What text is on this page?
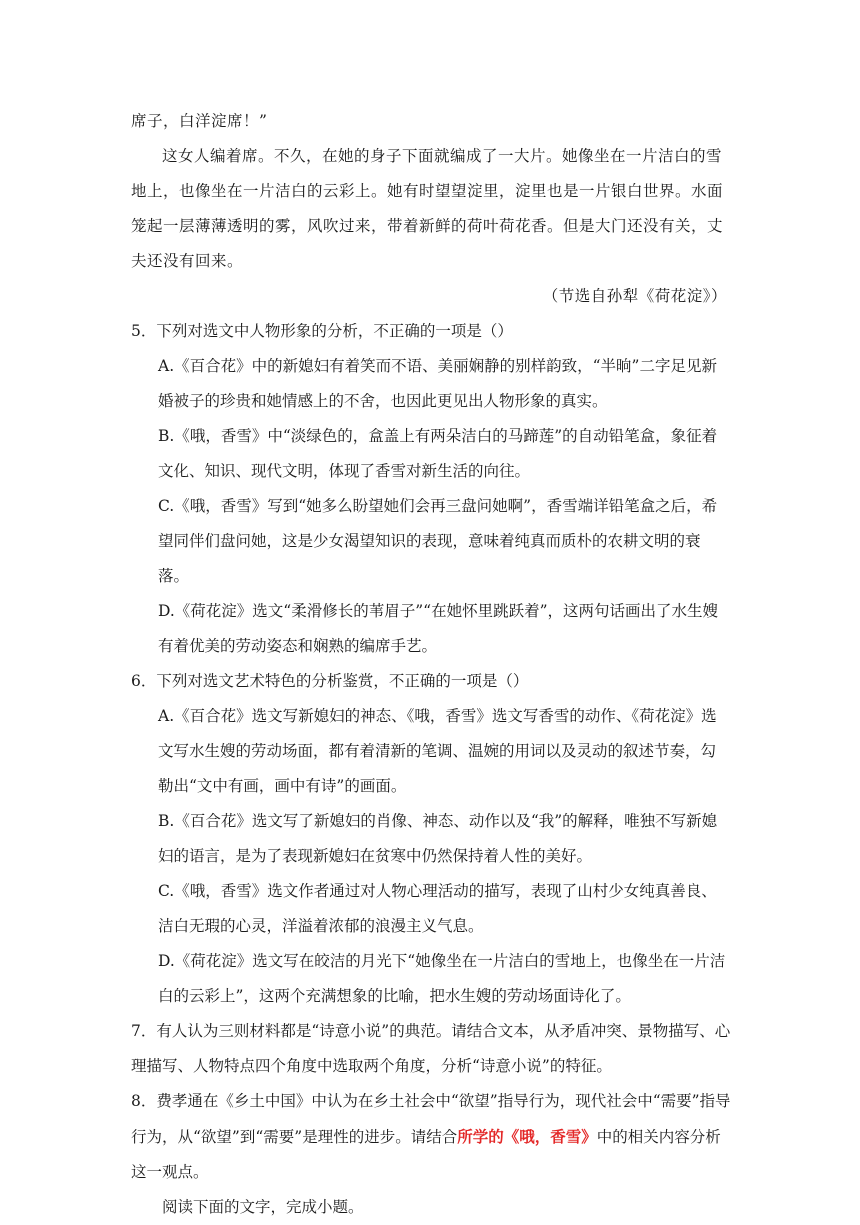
席子，白洋淀席！”

这女人编着席。不久，在她的身子下面就编成了一大片。她像坐在一片洁白的雪地上，也像坐在一片洁白的云彩上。她有时望望淀里，淀里也是一片银白世界。水面笼起一层薄薄透明的雾，风吹过来，带着新鲜的荷叶荷花香。但是大门还没有关，丈夫还没有回来。

（节选自孙犁《荷花淀》）

5．下列对选文中人物形象的分析，不正确的一项是（）

A.《百合花》中的新媳妇有着笑而不语、美丽娴静的别样韵致，“半晌”二字足见新婚被子的珍贵和她情感上的不舍，也因此更见出人物形象的真实。

B.《哦，香雪》中“淡绿色的，盒盖上有两朵洁白的马蹄莲”的自动铅笔盒，象征着文化、知识、现代文明，体现了香雪对新生活的向往。

C.《哦，香雪》写到“她多么盼望她们会再三盘问她啊”，香雪端详铅笔盒之后，希望同伴们盘问她，这是少女渴望知识的表现，意味着纯真而质朴的农耕文明的衰落。

D.《荷花淀》选文“柔滑修长的苇眉子”“在她怀里跳跃着”，这两句话画出了水生嫂有着优美的劳动姿态和娴熟的编席手艺。

6．下列对选文艺术特色的分析鉴赏，不正确的一项是（）

A.《百合花》选文写新媳妇的神态、《哦，香雪》选文写香雪的动作、《荷花淀》选文写水生嫂的劳动场面，都有着清新的笔调、温婉的用词以及灵动的叙述节奏，勾勒出“文中有画，画中有诗”的画面。

B.《百合花》选文写了新媳妇的肖像、神态、动作以及“我”的解释，唯独不写新媳妇的语言，是为了表现新媳妇在贫寒中仍然保持着人性的美好。

C.《哦，香雪》选文作者通过对人物心理活动的描写，表现了山村少女纯真善良、洁白无瑕的心灵，洋溢着浓郁的浪漫主义气息。

D.《荷花淀》选文写在皎洁的月光下“她像坐在一片洁白的雪地上，也像坐在一片洁白的云彩上”，这两个充满想象的比喻，把水生嫂的劳动场面诗化了。

7．有人认为三则材料都是“诗意小说”的典范。请结合文本，从矛盾冲突、景物描写、心理描写、人物特点四个角度中选取两个角度，分析“诗意小说”的特征。

8．费孝通在《乡土中国》中认为在乡土社会中“欲望”指导行为，现代社会中“需要”指导行为，从“欲望”到“需要”是理性的进步。请结合所学的《哦，香雪》中的相关内容分析这一观点。

阅读下面的文字，完成小题。
